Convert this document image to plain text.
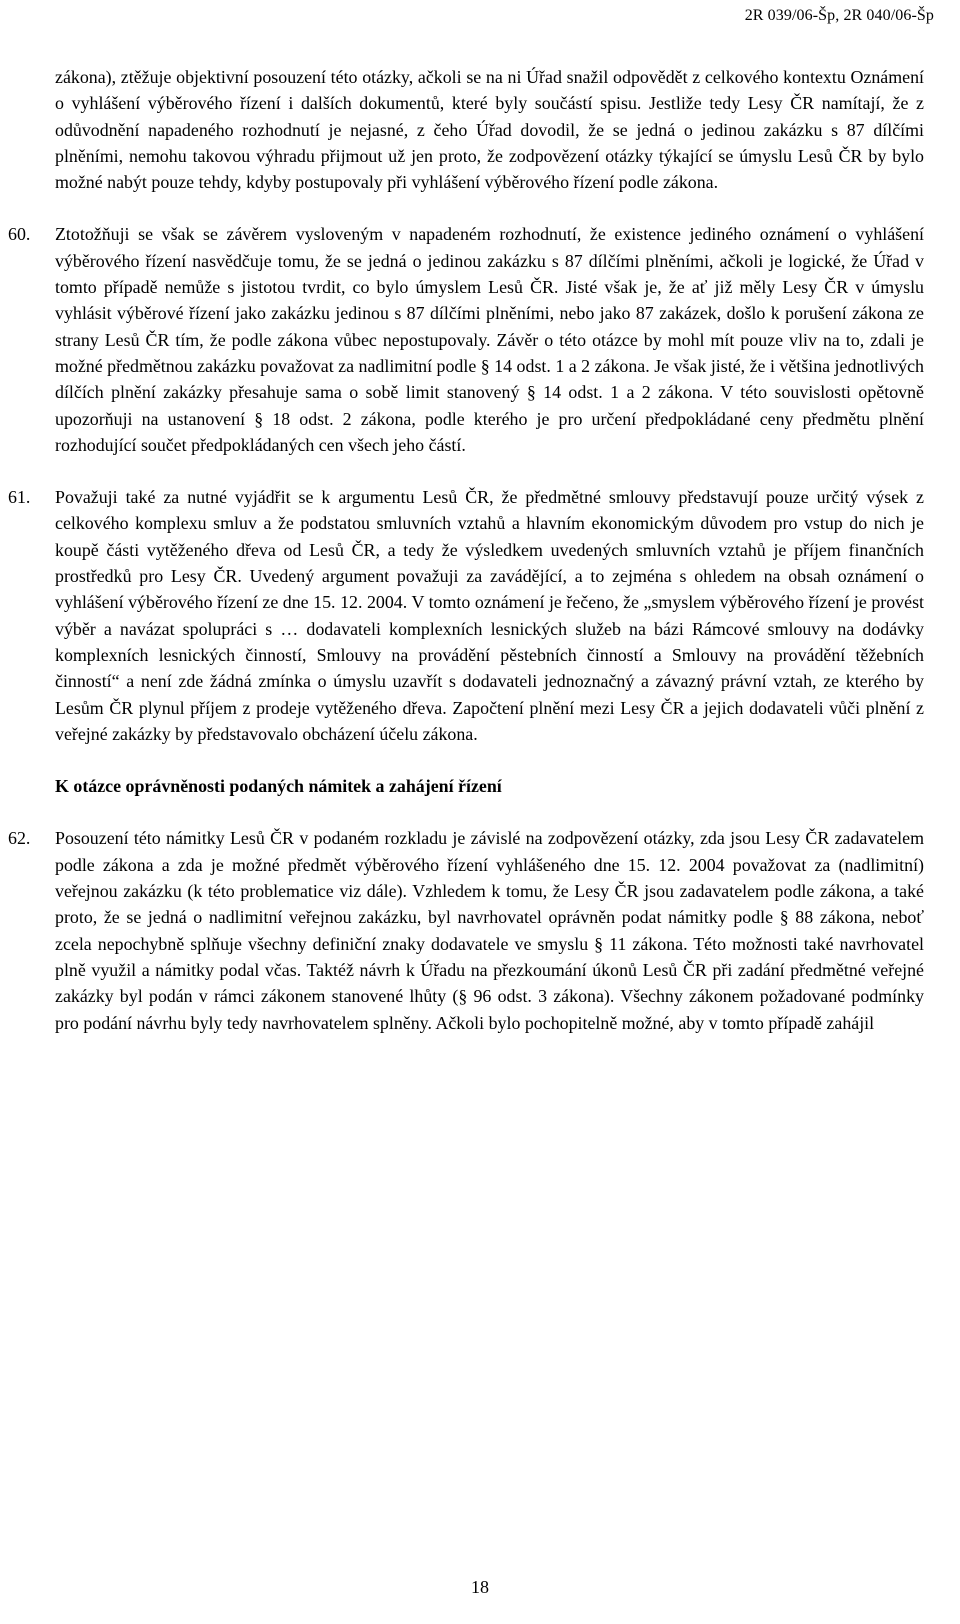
2R 039/06-Šp, 2R 040/06-Šp

zákona), ztěžuje objektivní posouzení této otázky, ačkoli se na ni Úřad snažil odpovědět z celkového kontextu Oznámení o vyhlášení výběrového řízení i dalších dokumentů, které byly součástí spisu. Jestliže tedy Lesy ČR namítají, že z odůvodnění napadeného rozhodnutí je nejasné, z čeho Úřad dovodil, že se jedná o jedinou zakázku s 87 dílčími plněními, nemohu takovou výhradu přijmout už jen proto, že zodpovězení otázky týkající se úmyslu Lesů ČR by bylo možné nabýt pouze tehdy, kdyby postupovaly při vyhlášení výběrového řízení podle zákona.

60. Ztotožňuji se však se závěrem vysloveným v napadeném rozhodnutí, že existence jediného oznámení o vyhlášení výběrového řízení nasvědčuje tomu, že se jedná o jedinou zakázku s 87 dílčími plněními, ačkoli je logické, že Úřad v tomto případě nemůže s jistotou tvrdit, co bylo úmyslem Lesů ČR. Jisté však je, že ať již měly Lesy ČR v úmyslu vyhlásit výběrové řízení jako zakázku jedinou s 87 dílčími plněními, nebo jako 87 zakázek, došlo k porušení zákona ze strany Lesů ČR tím, že podle zákona vůbec nepostupovaly. Závěr o této otázce by mohl mít pouze vliv na to, zdali je možné předmětnou zakázku považovat za nadlimitní podle § 14 odst. 1 a 2 zákona. Je však jisté, že i většina jednotlivých dílčích plnění zakázky přesahuje sama o sobě limit stanovený § 14 odst. 1 a 2 zákona. V této souvislosti opětovně upozorňuji na ustanovení § 18 odst. 2 zákona, podle kterého je pro určení předpokládané ceny předmětu plnění rozhodující součet předpokládaných cen všech jeho částí.

61. Považuji také za nutné vyjádřit se k argumentu Lesů ČR, že předmětné smlouvy představují pouze určitý výsek z celkového komplexu smluv a že podstatou smluvních vztahů a hlavním ekonomickým důvodem pro vstup do nich je koupě části vytěženého dřeva od Lesů ČR, a tedy že výsledkem uvedených smluvních vztahů je příjem finančních prostředků pro Lesy ČR. Uvedený argument považuji za zavádějící, a to zejména s ohledem na obsah oznámení o vyhlášení výběrového řízení ze dne 15. 12. 2004. V tomto oznámení je řečeno, že „smyslem výběrového řízení je provést výběr a navázat spolupráci s … dodavateli komplexních lesnických služeb na bázi Rámcové smlouvy na dodávky komplexních lesnických činností, Smlouvy na provádění pěstebních činností a Smlouvy na provádění těžebních činností“ a není zde žádná zmínka o úmyslu uzavřít s dodavateli jednoznačný a závazný právní vztah, ze kterého by Lesům ČR plynul příjem z prodeje vytěženého dřeva. Započtení plnění mezi Lesy ČR a jejich dodavateli vůči plnění z veřejné zakázky by představovalo obcházení účelu zákona.

K otázce oprávněnosti podaných námitek a zahájení řízení

62. Posouzení této námitky Lesů ČR v podaném rozkladu je závislé na zodpovězení otázky, zda jsou Lesy ČR zadavatelem podle zákona a zda je možné předmět výběrového řízení vyhlášeného dne 15. 12. 2004 považovat za (nadlimitní) veřejnou zakázku (k této problematice viz dále). Vzhledem k tomu, že Lesy ČR jsou zadavatelem podle zákona, a také proto, že se jedná o nadlimitní veřejnou zakázku, byl navrhovatel oprávněn podat námitky podle § 88 zákona, neboť zcela nepochybně splňuje všechny definiční znaky dodavatele ve smyslu § 11 zákona. Této možnosti také navrhovatel plně využil a námitky podal včas. Taktéž návrh k Úřadu na přezkoumání úkonů Lesů ČR při zadání předmětné veřejné zakázky byl podán v rámci zákonem stanovené lhůty (§ 96 odst. 3 zákona). Všechny zákonem požadované podmínky pro podání návrhu byly tedy navrhovatelem splněny. Ačkoli bylo pochopitelně možné, aby v tomto případě zahájil

18
